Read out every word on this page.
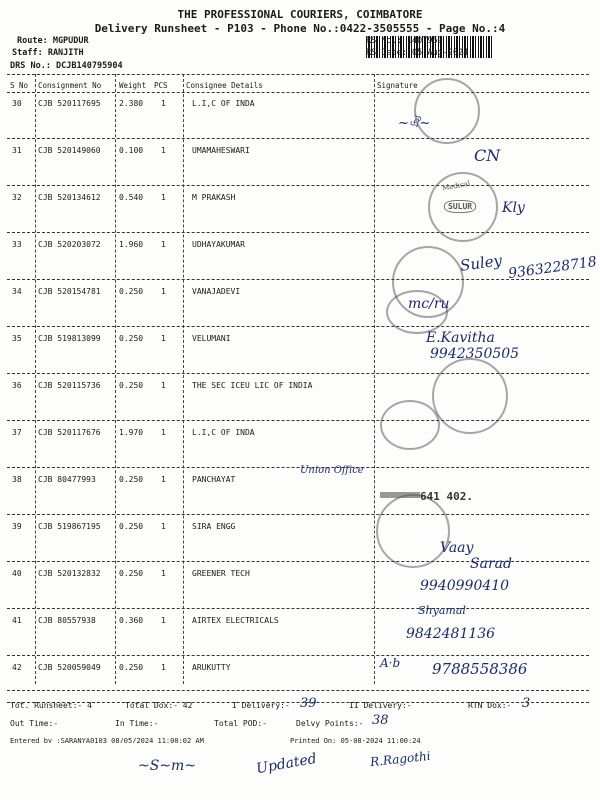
THE PROFESSIONAL COURIERS, COIMBATORE
Delivery Runsheet - P103 - Phone No.:0422-3505555 - Page No.:4
Route: MGPUDUR
Staff: RANJITH
DRS No.: DCJB140795904
RS No.: 1407959
RS Date: 05-Aug-2024
S No Consignment No Weight PCS Consignee Details	Signature
30 CJB 520117695 2.380 1	L.I,C OF INDA
31 CJB 520149060 0.100 1	UMAMAHESWARI
32 CJB 520134612 0.540 1	M PRAKASH
33 CJB 520203072 1.960 1	UDHAYAKUMAR
34 CJB 520154781 0.250 1	VANAJADEVI
35 CJB 519813099 0.250 1	VELUMANI
36 CJB 520115736 0.250 1	THE SEC ICEU LIC OF INDIA
37 CJB 520117676 1.970 1	L.I,C OF INDA
38 CJB 80477993	0.250 1	PANCHAYAT
39 CJB 519867195 0.250 1	SIRA ENGG
40 CJB 520132832 0.250 1	GREENER TECH
41 CJB 80557938	0.360 1	AIRTEX ELECTRICALS
42 CJB 520059049 0.250 1	ARUKUTTY
Medical
SULUR
~ঐ~
CN
Kly
Suley 9363228718
mc/ru
E.Kavitha
9942350505
Union Office
641 402.
Vaay
Sarad
9940990410
Shyamal
9842481136
A·b 9788558386
Tot. Runsheet:- 4	Total Dox:- 42	I Delivery:- 39	II Delivery:-	RTN Dox:- 3
Out Time:-	In Time:-	Total POD:-	Delvy Points:- 38
Entered by :SARANYA0103 08/05/2024 11:00:02 AM	Printed On: 05-08-2024 11:00:24
~S~m~	Updated	R.Ragothi
